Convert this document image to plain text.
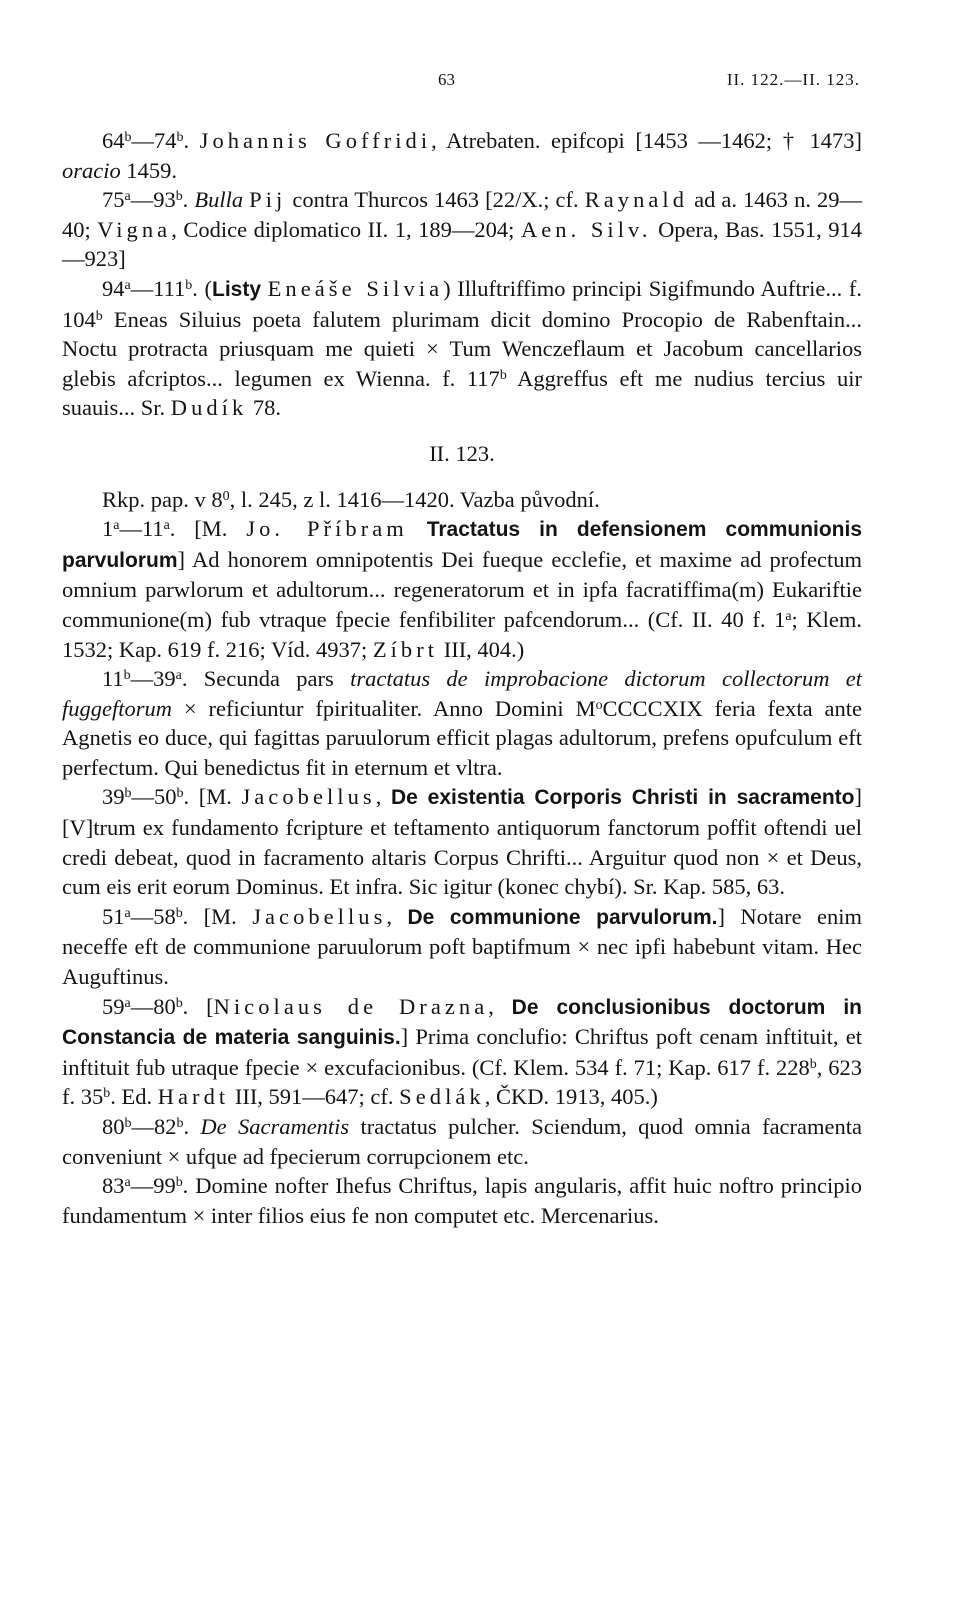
63	II. 122.—II. 123.

64$^b$—74$^b$. Johannis Goffridi, Atrebaten. epifcopi [1453 —1462; † 1473] oracio 1459.

75$^a$—93$^b$. Bulla Pij contra Thurcos 1463 [22/X.; cf. Raynald ad a. 1463 n. 29—40; Vigna, Codice diplomatico II. 1, 189—204; Aen. Silv. Opera, Bas. 1551, 914—923]

94$^a$—111$^b$. (Listy Eneáše Silvia) Illuftriffimo principi Sigifmundo Auftrie... f. 104$^b$ Eneas Siluius poeta falutem plurimam dicit domino Procopio de Rabenftain... Noctu protracta priusquam me quieti × Tum Wenczeflaum et Jacobum cancellarios glebis afcriptos... legumen ex Wienna. f. 117$^b$ Aggreffus eft me nudius tercius uir suauis... Sr. Dudík 78.

II. 123.

Rkp. pap. v $8^0$, l. 245, z l. 1416—1420. Vazba původní.

1$^a$—11$^a$. [M. Jo. Příbram Tractatus in defensionem communionis parvulorum] Ad honorem omnipotentis Dei fueque ecclefie, et maxime ad profectum omnium parwlorum et adultorum... regeneratorum et in ipfa facratiffima(m) Eukariftie communione(m) fub vtraque fpecie fenfibiliter pafcendorum... (Cf. II. 40 f. 1$^a$; Klem. 1532; Kap. 619 f. 216; Víd. 4937; Zíbrt III, 404.)

11$^b$—39$^a$. Secunda pars tractatus de improbacione dictorum collectorum et fuggeftorum × reficiuntur fpiritualiter. Anno Domini $M^oCCCCXIX$ feria fexta ante Agnetis eo duce, qui fagittas paruulorum efficit plagas adultorum, prefens opufculum eft perfectum. Qui benedictus fit in eternum et vltra.

39$^b$—50$^b$. [M. Jacobellus, De existentia Corporis Christi in sacramento] [V]trum ex fundamento fcripture et teftamento antiquorum fanctorum poffit oftendi uel credi debeat, quod in facramento altaris Corpus Chrifti... Arguitur quod non × et Deus, cum eis erit eorum Dominus. Et infra. Sic igitur (konec chybí). Sr. Kap. 585, 63.

51$^a$—58$^b$. [M. Jacobellus, De communione parvulorum.] Notare enim neceffe eft de communione paruulorum poft baptifmum × nec ipfi habebunt vitam. Hec Auguftinus.

59$^a$—80$^b$. [Nicolaus de Drazna, De conclusionibus doctorum in Constancia de materia sanguinis.] Prima conclufio: Chriftus poft cenam inftituit, et inftituit fub utraque fpecie × excufacionibus. (Cf. Klem. 534 f. 71; Kap. 617 f. 228$^b$, 623 f. 35$^b$. Ed. Hardt III, 591—647; cf. Sedlák, ČKD. 1913, 405.)

80$^b$—82$^b$. De Sacramentis tractatus pulcher. Sciendum, quod omnia facramenta conveniunt × ufque ad fpecierum corrupcionem etc.

83$^a$—99$^b$. Domine nofter Ihefus Chriftus, lapis angularis, affit huic noftro principio fundamentum × inter filios eius fe non computet etc. Mercenarius.
